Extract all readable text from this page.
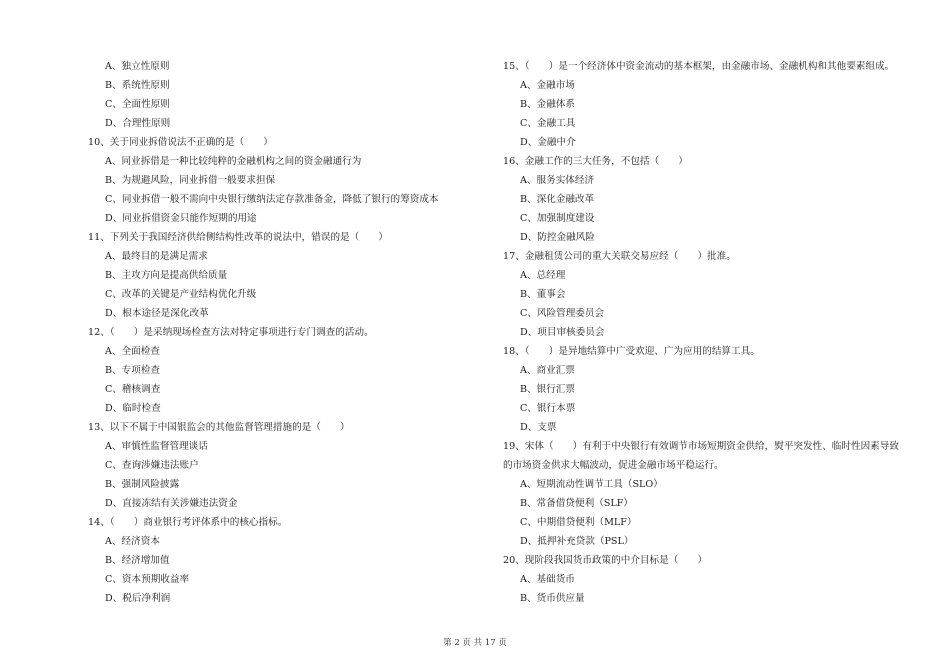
A、独立性原则
B、系统性原则
C、全面性原则
D、合理性原则
10、关于同业拆借说法不正确的是（　　）
A、同业拆借是一种比较纯粹的金融机构之间的资金融通行为
B、为规避风险，同业拆借一般要求担保
C、同业拆借一般不需向中央银行缴纳法定存款准备金，降低了银行的筹资成本
D、同业拆借资金只能作短期的用途
11、下列关于我国经济供给侧结构性改革的说法中，错误的是（　　）
A、最终目的是满足需求
B、主攻方向是提高供给质量
C、改革的关键是产业结构优化升级
D、根本途径是深化改革
12、（　　）是采纳现场检查方法对特定事项进行专门调查的活动。
A、全面检查
B、专项检查
C、稽核调查
D、临时检查
13、以下不属于中国银监会的其他监督管理措施的是（　　）
A、审慎性监督管理谈话
C、查询涉嫌违法账户
B、强制风险披露
D、直接冻结有关涉嫌违法资金
14、（　　）商业银行考评体系中的核心指标。
A、经济资本
B、经济增加值
C、资本预期收益率
D、税后净利润
15、（　　）是一个经济体中资金流动的基本框架，由金融市场、金融机构和其他要素组成。
A、金融市场
B、金融体系
C、金融工具
D、金融中介
16、金融工作的三大任务，不包括（　　）
A、服务实体经济
B、深化金融改革
C、加强制度建设
D、防控金融风险
17、金融租赁公司的重大关联交易应经（　　）批准。
A、总经理
B、董事会
C、风险管理委员会
D、项目审核委员会
18、（　　）是异地结算中广受欢迎、广为应用的结算工具。
A、商业汇票
B、银行汇票
C、银行本票
D、支票
19、宋体（　　）有利于中央银行有效调节市场短期资金供给，熨平突发性、临时性因素导致
的市场资金供求大幅波动，促进金融市场平稳运行。
A、短期流动性调节工具（SLO）
B、常备借贷便利（SLF）
C、中期借贷便利（MLF）
D、抵押补充贷款（PSL）
20、现阶段我国货币政策的中介目标是（　　）
A、基础货币
B、货币供应量
第 2 页 共 17 页
